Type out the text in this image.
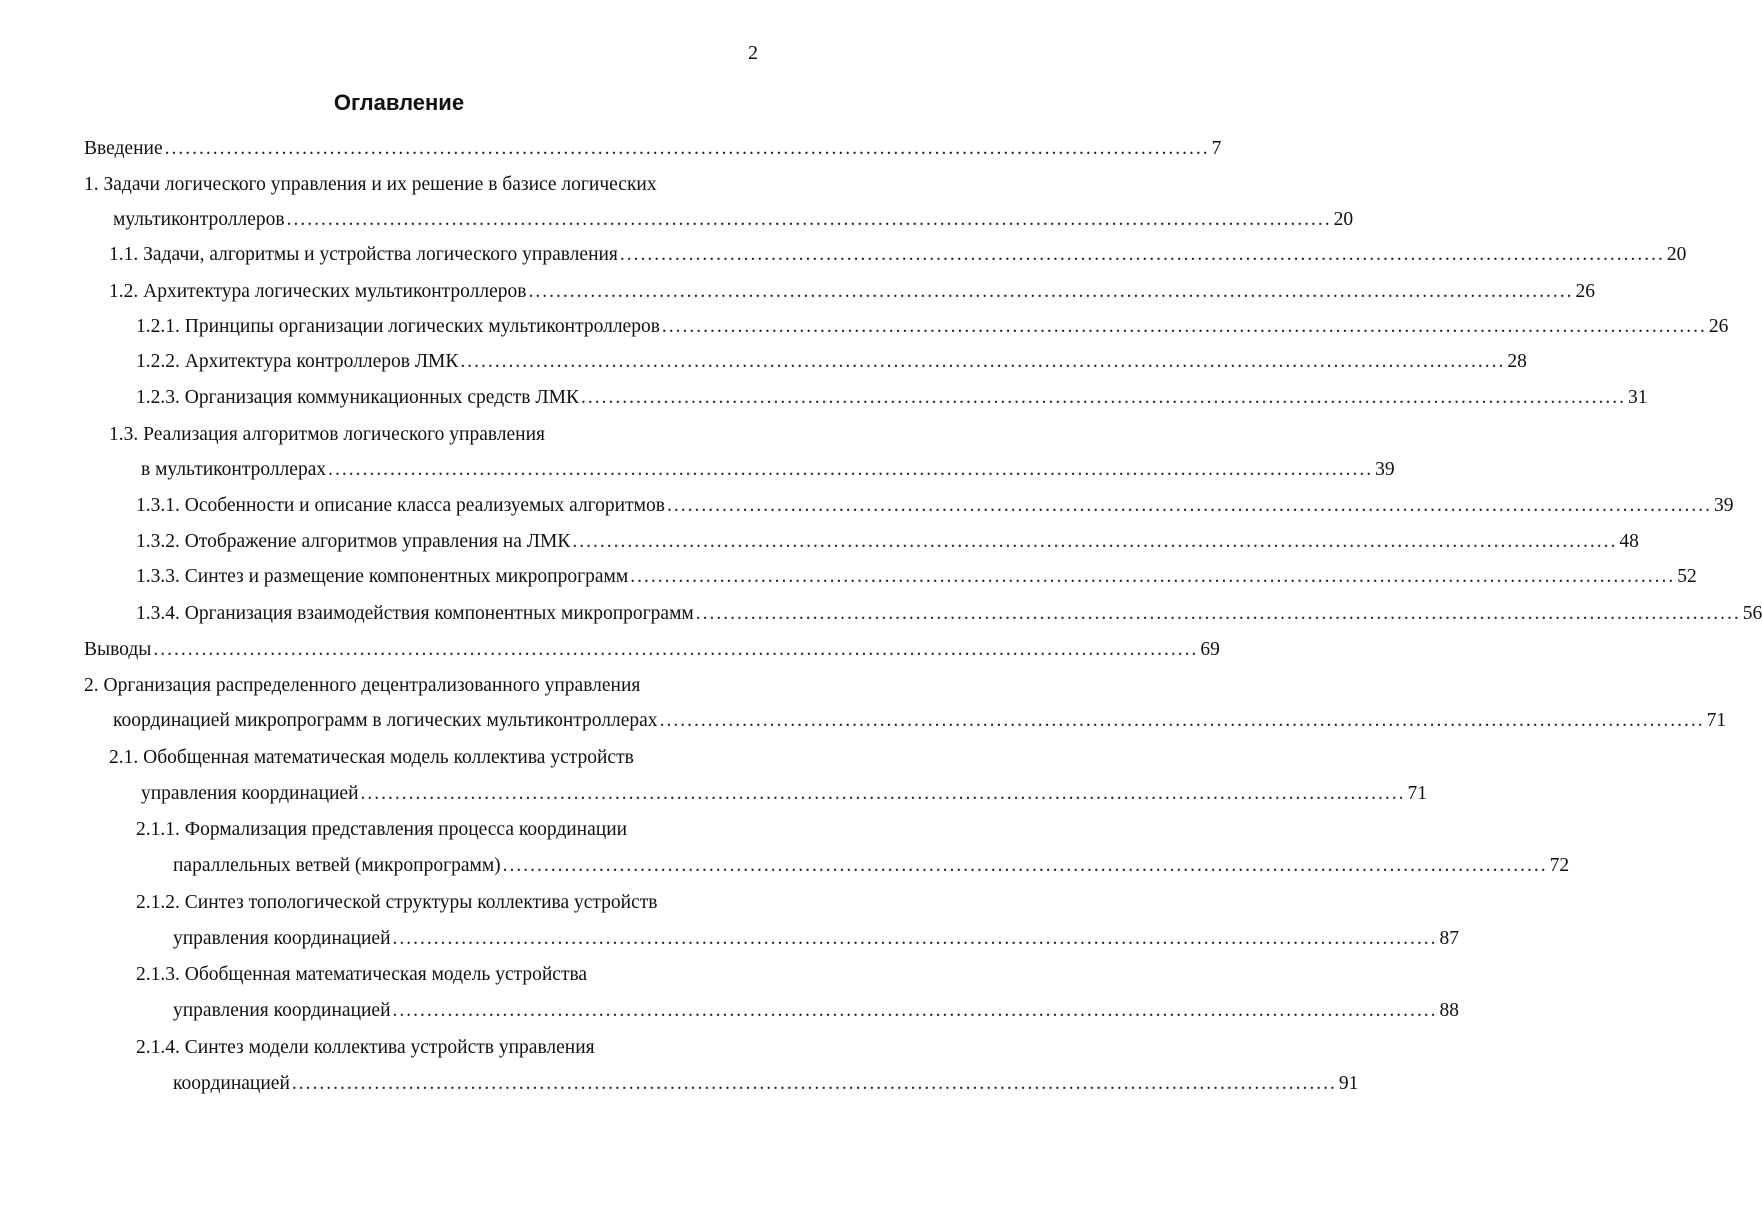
2
Оглавление
Введение ........................................................................................................................................................ 7
1. Задачи логического управления и их решение в базисе логических
мультиконтроллеров ........................................................................................................................................................ 20
1.1. Задачи, алгоритмы и устройства логического управления ........................................................................................................................................................ 20
1.2. Архитектура логических мультиконтроллеров ........................................................................................................................................................ 26
1.2.1. Принципы организации логических мультиконтроллеров ........................................................................................................................................................ 26
1.2.2. Архитектура контроллеров ЛМК ........................................................................................................................................................ 28
1.2.3. Организация коммуникационных средств ЛМК ........................................................................................................................................................ 31
1.3. Реализация алгоритмов логического управления
в мультиконтроллерах ........................................................................................................................................................ 39
1.3.1. Особенности и описание класса реализуемых алгоритмов ........................................................................................................................................................ 39
1.3.2. Отображение алгоритмов управления на ЛМК ........................................................................................................................................................ 48
1.3.3. Синтез и размещение компонентных микропрограмм ........................................................................................................................................................ 52
1.3.4. Организация взаимодействия компонентных микропрограмм ........................................................................................................................................................ 56
Выводы ........................................................................................................................................................ 69
2. Организация распределенного децентрализованного управления
координацией микропрограмм в логических мультиконтроллерах ........................................................................................................................................................ 71
2.1. Обобщенная математическая модель коллектива устройств
управления координацией ........................................................................................................................................................ 71
2.1.1. Формализация представления процесса координации
параллельных ветвей (микропрограмм) ........................................................................................................................................................ 72
2.1.2. Синтез топологической структуры коллектива устройств
управления координацией ........................................................................................................................................................ 87
2.1.3. Обобщенная математическая модель устройства
управления координацией ........................................................................................................................................................ 88
2.1.4. Синтез модели коллектива устройств управления
координацией ........................................................................................................................................................ 91
